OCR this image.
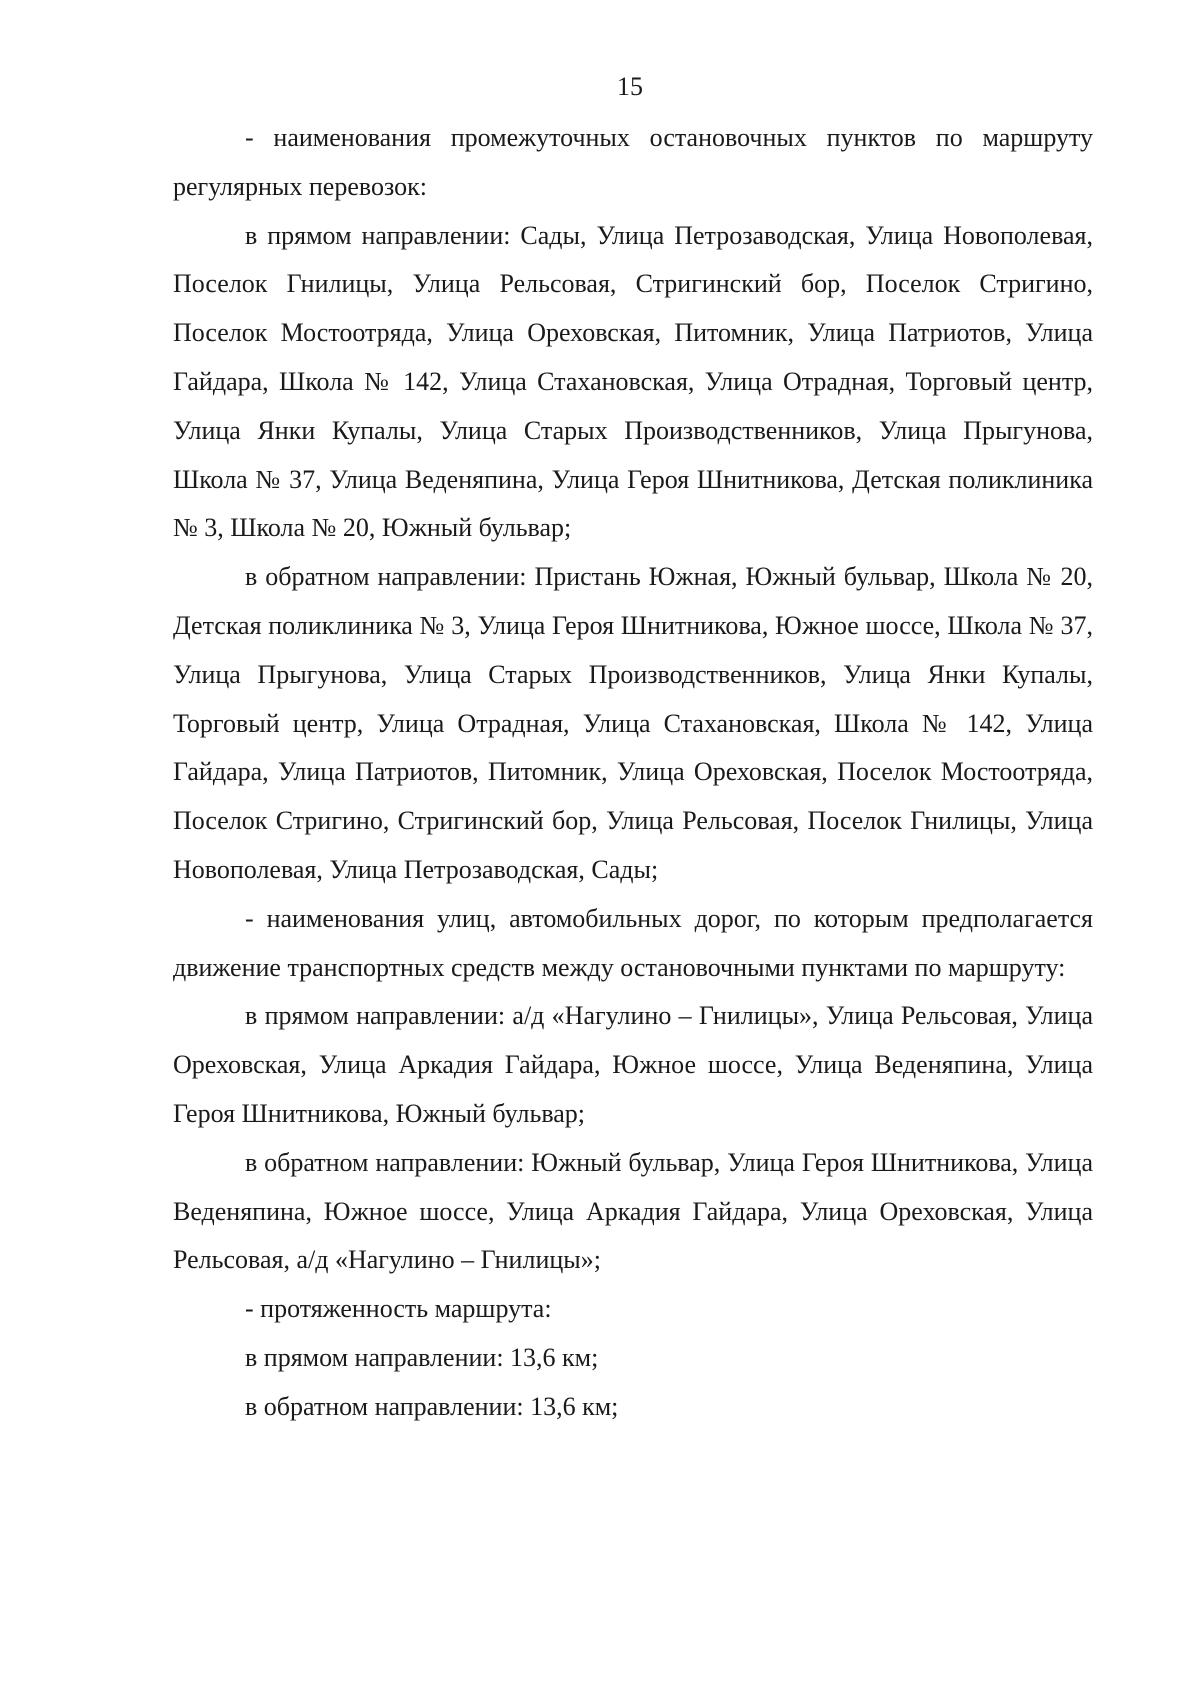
15

- наименования промежуточных остановочных пунктов по маршруту регулярных перевозок:

в прямом направлении: Сады, Улица Петрозаводская, Улица Новополевая, Поселок Гнилицы, Улица Рельсовая, Стригинский бор, Поселок Стригино, Поселок Мостоотряда, Улица Ореховская, Питомник, Улица Патриотов, Улица Гайдара, Школа № 142, Улица Стахановская, Улица Отрадная, Торговый центр, Улица Янки Купалы, Улица Старых Производственников, Улица Прыгунова, Школа № 37, Улица Веденяпина, Улица Героя Шнитникова, Детская поликлиника № 3, Школа № 20, Южный бульвар;

в обратном направлении: Пристань Южная, Южный бульвар, Школа № 20, Детская поликлиника № 3, Улица Героя Шнитникова, Южное шоссе, Школа № 37, Улица Прыгунова, Улица Старых Производственников, Улица Янки Купалы, Торговый центр, Улица Отрадная, Улица Стахановская, Школа № 142, Улица Гайдара, Улица Патриотов, Питомник, Улица Ореховская, Поселок Мостоотряда, Поселок Стригино, Стригинский бор, Улица Рельсовая, Поселок Гнилицы, Улица Новополевая, Улица Петрозаводская, Сады;

- наименования улиц, автомобильных дорог, по которым предполагается движение транспортных средств между остановочными пунктами по маршруту:

в прямом направлении: а/д «Нагулино – Гнилицы», Улица Рельсовая, Улица Ореховская, Улица Аркадия Гайдара, Южное шоссе, Улица Веденяпина, Улица Героя Шнитникова, Южный бульвар;

в обратном направлении: Южный бульвар, Улица Героя Шнитникова, Улица Веденяпина, Южное шоссе, Улица Аркадия Гайдара, Улица Ореховская, Улица Рельсовая, а/д «Нагулино – Гнилицы»;

- протяженность маршрута:

в прямом направлении: 13,6 км;

в обратном направлении: 13,6 км;
